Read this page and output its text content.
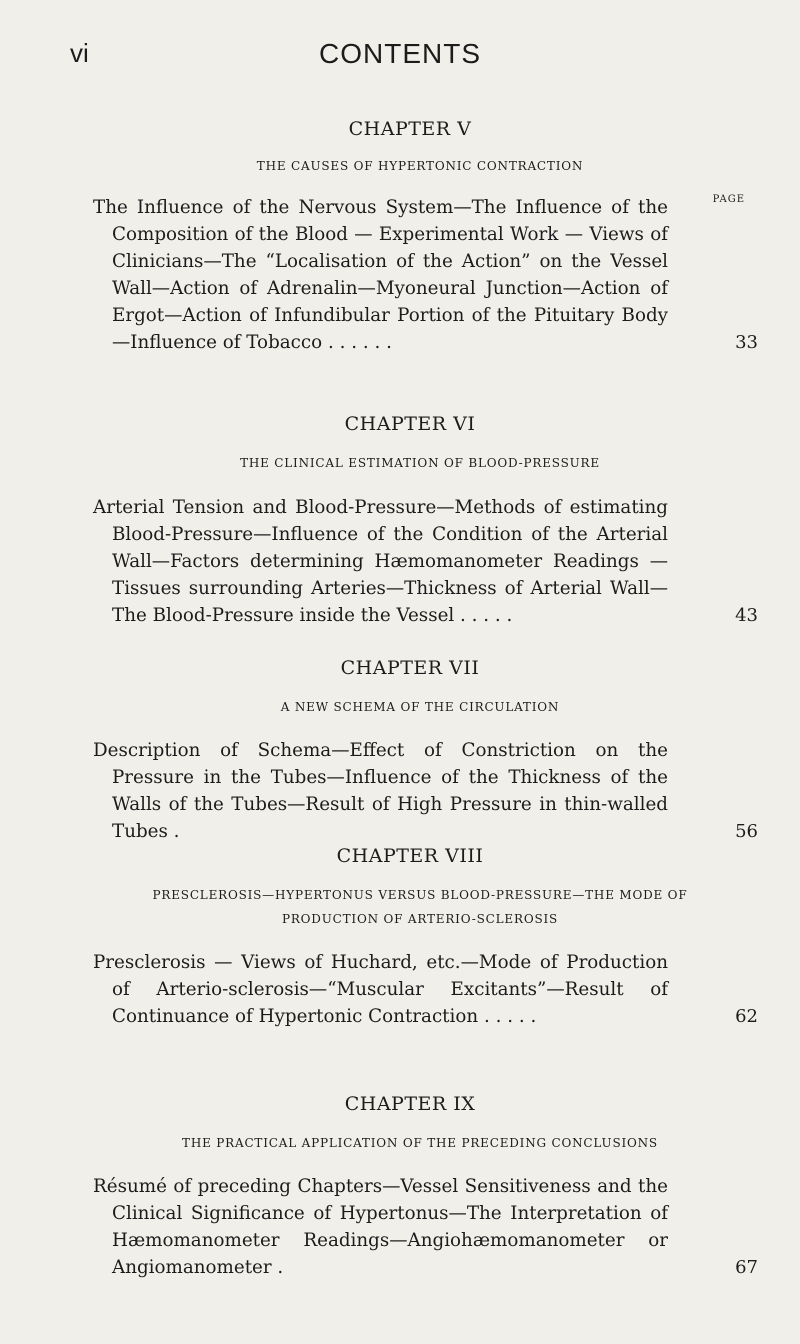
vi	CONTENTS
CHAPTER V
THE CAUSES OF HYPERTONIC CONTRACTION
PAGE

The Influence of the Nervous System—The Influence of the Composition of the Blood — Experimental Work — Views of Clinicians—The “Localisation of the Action” on the Vessel Wall—Action of Adrenalin—Myoneural Junction—Action of Ergot—Action of Infundibular Portion of the Pituitary Body—Influence of Tobacco . . . . . .	33
CHAPTER VI
THE CLINICAL ESTIMATION OF BLOOD-PRESSURE

Arterial Tension and Blood-Pressure—Methods of estimating Blood-Pressure—Influence of the Condition of the Arterial Wall—Factors determining Hæmomanometer Readings — Tissues surrounding Arteries—Thickness of Arterial Wall—The Blood-Pressure inside the Vessel . . . . .	43
CHAPTER VII
A NEW SCHEMA OF THE CIRCULATION

Description of Schema—Effect of Constriction on the Pressure in the Tubes—Influence of the Thickness of the Walls of the Tubes—Result of High Pressure in thin-walled Tubes .	56
CHAPTER VIII
PRESCLEROSIS—HYPERTONUS VERSUS BLOOD-PRESSURE—THE MODE OF PRODUCTION OF ARTERIO-SCLEROSIS

Presclerosis — Views of Huchard, etc.—Mode of Production of Arterio-sclerosis—“Muscular Excitants”—Result of Continuance of Hypertonic Contraction . . . . .	62
CHAPTER IX
THE PRACTICAL APPLICATION OF THE PRECEDING CONCLUSIONS

Résumé of preceding Chapters—Vessel Sensitiveness and the Clinical Significance of Hypertonus—The Interpretation of Hæmomanometer Readings—Angiohæmomanometer or Angiomanometer .	67
